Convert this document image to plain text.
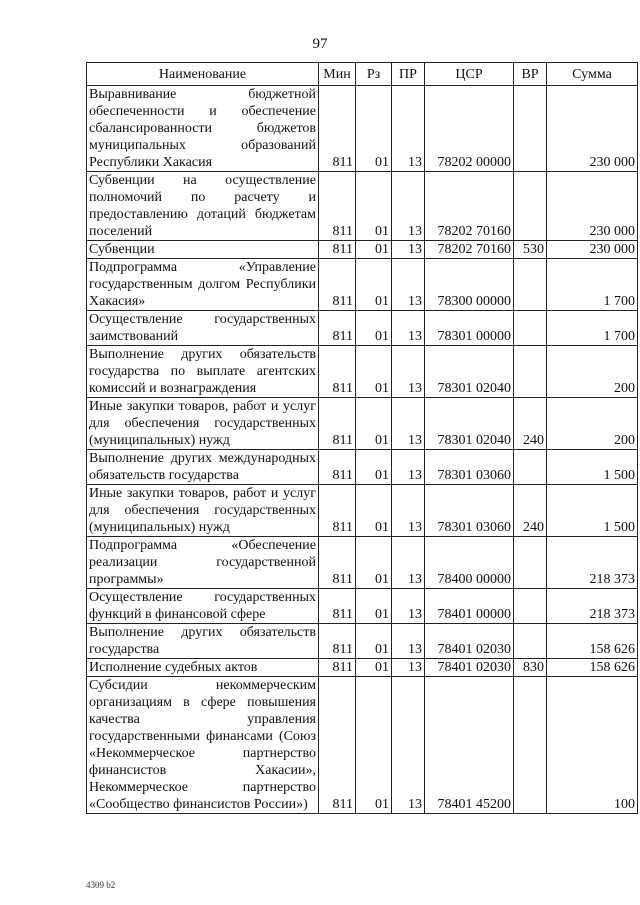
97
Наименование	Мин	Рз	ПР	ЦСР	ВР	Сумма
Выравнивание бюджетной обеспеченности и обеспечение сбалансированности бюджетов муниципальных образований Республики Хакасия	811	01	13	78202 00000		230 000
Субвенции на осуществление полномочий по расчету и предоставлению дотаций бюджетам поселений	811	01	13	78202 70160		230 000
Субвенции	811	01	13	78202 70160	530	230 000
Подпрограмма «Управление государственным долгом Республики Хакасия»	811	01	13	78300 00000		1 700
Осуществление государственных заимствований	811	01	13	78301 00000		1 700
Выполнение других обязательств государства по выплате агентских комиссий и вознаграждения	811	01	13	78301 02040		200
Иные закупки товаров, работ и услуг для обеспечения государственных (муниципальных) нужд	811	01	13	78301 02040	240	200
Выполнение других международных обязательств государства	811	01	13	78301 03060		1 500
Иные закупки товаров, работ и услуг для обеспечения государственных (муниципальных) нужд	811	01	13	78301 03060	240	1 500
Подпрограмма «Обеспечение реализации государственной программы»	811	01	13	78400 00000		218 373
Осуществление государственных функций в финансовой сфере	811	01	13	78401 00000		218 373
Выполнение других обязательств государства	811	01	13	78401 02030		158 626
Исполнение судебных актов	811	01	13	78401 02030	830	158 626
Субсидии некоммерческим организациям в сфере повышения качества управления государственными финансами (Союз «Некоммерческое партнерство финансистов Хакасии», Некоммерческое партнерство «Сообщество финансистов России»)	811	01	13	78401 45200		100
4309 b2
